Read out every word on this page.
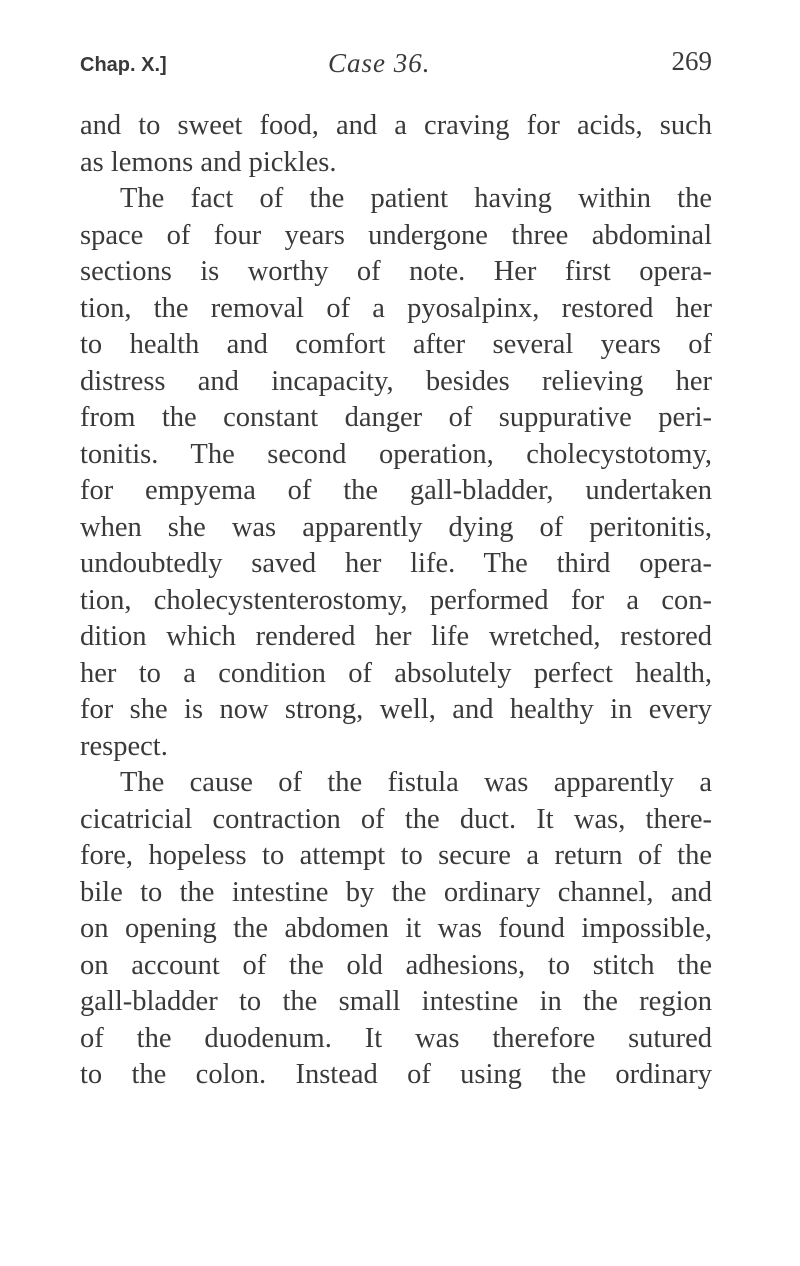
Chap. X.]	Case 36.	269
and to sweet food, and a craving for acids, such
as lemons and pickles.
The fact of the patient having within the
space of four years undergone three abdominal
sections is worthy of note. Her first opera-
tion, the removal of a pyosalpinx, restored her
to health and comfort after several years of
distress and incapacity, besides relieving her
from the constant danger of suppurative peri-
tonitis. The second operation, cholecystotomy,
for empyema of the gall-bladder, undertaken
when she was apparently dying of peritonitis,
undoubtedly saved her life. The third opera-
tion, cholecystenterostomy, performed for a con-
dition which rendered her life wretched, restored
her to a condition of absolutely perfect health,
for she is now strong, well, and healthy in every
respect.
The cause of the fistula was apparently a
cicatricial contraction of the duct. It was, there-
fore, hopeless to attempt to secure a return of the
bile to the intestine by the ordinary channel, and
on opening the abdomen it was found impossible,
on account of the old adhesions, to stitch the
gall-bladder to the small intestine in the region
of the duodenum. It was therefore sutured
to the colon. Instead of using the ordinary
